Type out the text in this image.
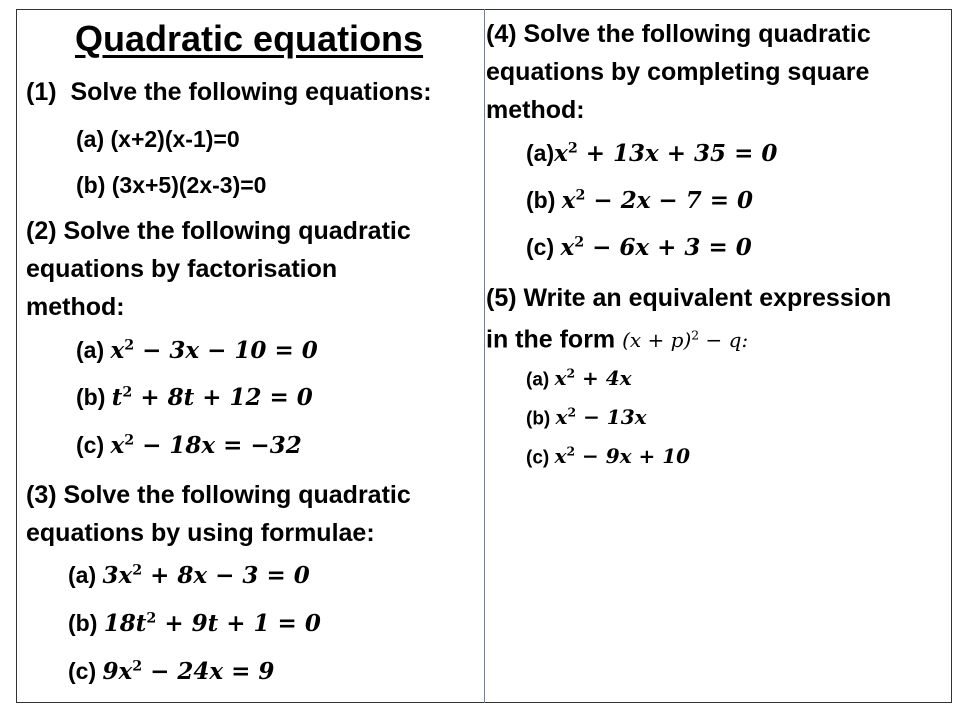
Quadratic equations
(1)  Solve the following equations:
(a) (x+2)(x-1)=0
(b) (3x+5)(2x-3)=0
(2) Solve the following quadratic
equations by factorisation
method:
(a) $x^2 - 3x - 10 = 0$
(b) $t^2 + 8t + 12 = 0$
(c) $x^2 - 18x = -32$
(3) Solve the following quadratic
equations by using formulae:
(a) $3x^2 + 8x - 3 = 0$
(b) $18t^2 + 9t + 1 = 0$
(c) $9x^2 - 24x = 9$
(4) Solve the following quadratic
equations by completing square
method:
$(a)x^2 + 13x + 35 = 0$
(b) $x^2 - 2x - 7 = 0$
(c) $x^2 - 6x + 3 = 0$
(5) Write an equivalent expression
in the form $(x + p)^2 - q$:
(a) $x^2 + 4x$
(b) $x^2 - 13x$
(c) $x^2 - 9x + 10$
